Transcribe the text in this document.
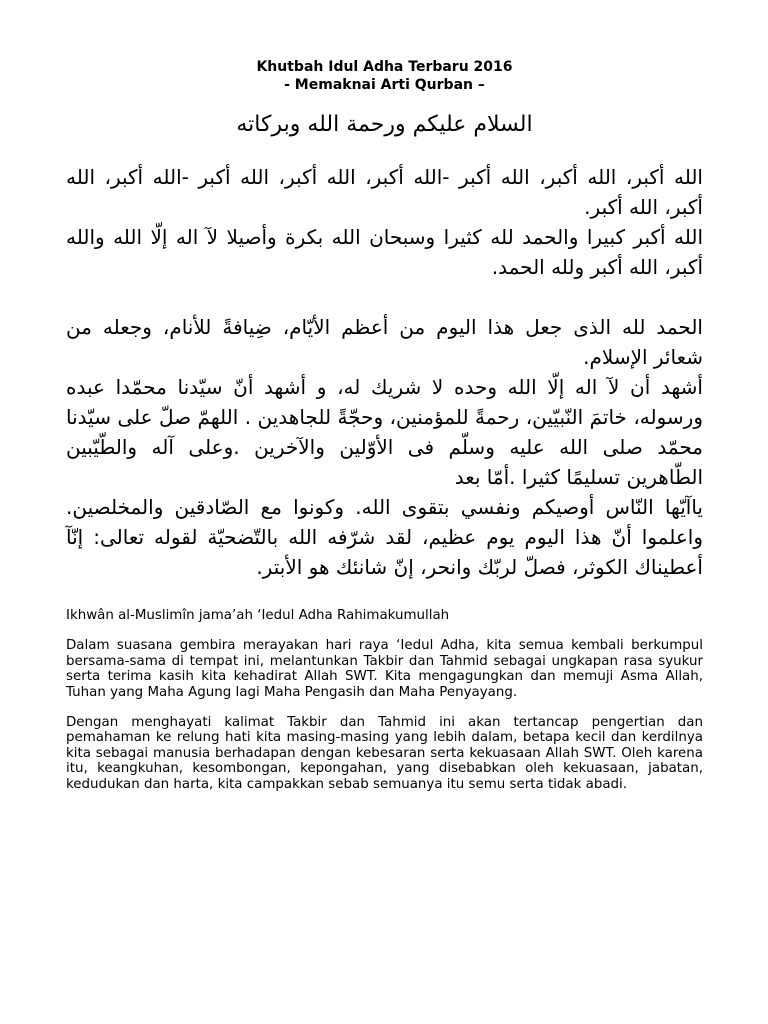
Khutbah Idul Adha Terbaru 2016

- Memaknai Arti Qurban –

السلام عليكم ورحمة الله وبركاته

الله أكبر، الله أكبر، الله أكبر -الله أكبر، الله أكبر، الله أكبر -الله أكبر، الله أكبر، الله أكبر.

الله أكبر كبيرا والحمد لله كثيرا وسبحان الله بكرة وأصيلا لآ اله إلّا الله والله أكبر، الله أكبر ولله الحمد.

الحمد لله الذى جعل هذا اليوم من أعظم الأيّام، ضِيافةً للأنام، وجعله من شعائر الإسلام.

أشهد أن لآ اله إلّا الله وحده لا شريك له، و أشهد أنّ سيّدنا محمّدا عبده ورسوله، خاتمَ النّبيّين، رحمةً للمؤمنين، وحجّةً للجاهدين . اللهمّ صلّ على سيّدنا محمّد صلى الله عليه وسلّم فى الأوّلين والآخرين .وعلى آله والطّيّبين الطّاهرين تسليمًا كثيرا .أمّا بعد

ياآيّها النّاس أوصيكم ونفسي بتقوى الله. وكونوا مع الصّادقين والمخلصين. واعلموا أنّ هذا اليوم يوم عظيم، لقد شرّفه الله بالتّضحيّة لقوله تعالى: إنّآ أعطيناك الكوثر، فصلّ لربّك وانحر، إنّ شانئك هو الأبتر.

Ikhwân al-Muslimîn jama’ah ‘Iedul Adha Rahimakumullah

Dalam suasana gembira merayakan hari raya ‘Iedul Adha, kita semua kembali berkumpul bersama-sama di tempat ini, melantunkan Takbir dan Tahmid sebagai ungkapan rasa syukur serta terima kasih kita kehadirat Allah SWT. Kita mengagungkan dan memuji Asma Allah, Tuhan yang Maha Agung lagi Maha Pengasih dan Maha Penyayang.

Dengan menghayati kalimat Takbir dan Tahmid ini akan tertancap pengertian dan pemahaman ke relung hati kita masing-masing yang lebih dalam, betapa kecil dan kerdilnya kita sebagai manusia berhadapan dengan kebesaran serta kekuasaan Allah SWT. Oleh karena itu, keangkuhan, kesombongan, kepongahan, yang disebabkan oleh kekuasaan, jabatan, kedudukan dan harta, kita campakkan sebab semuanya itu semu serta tidak abadi.
